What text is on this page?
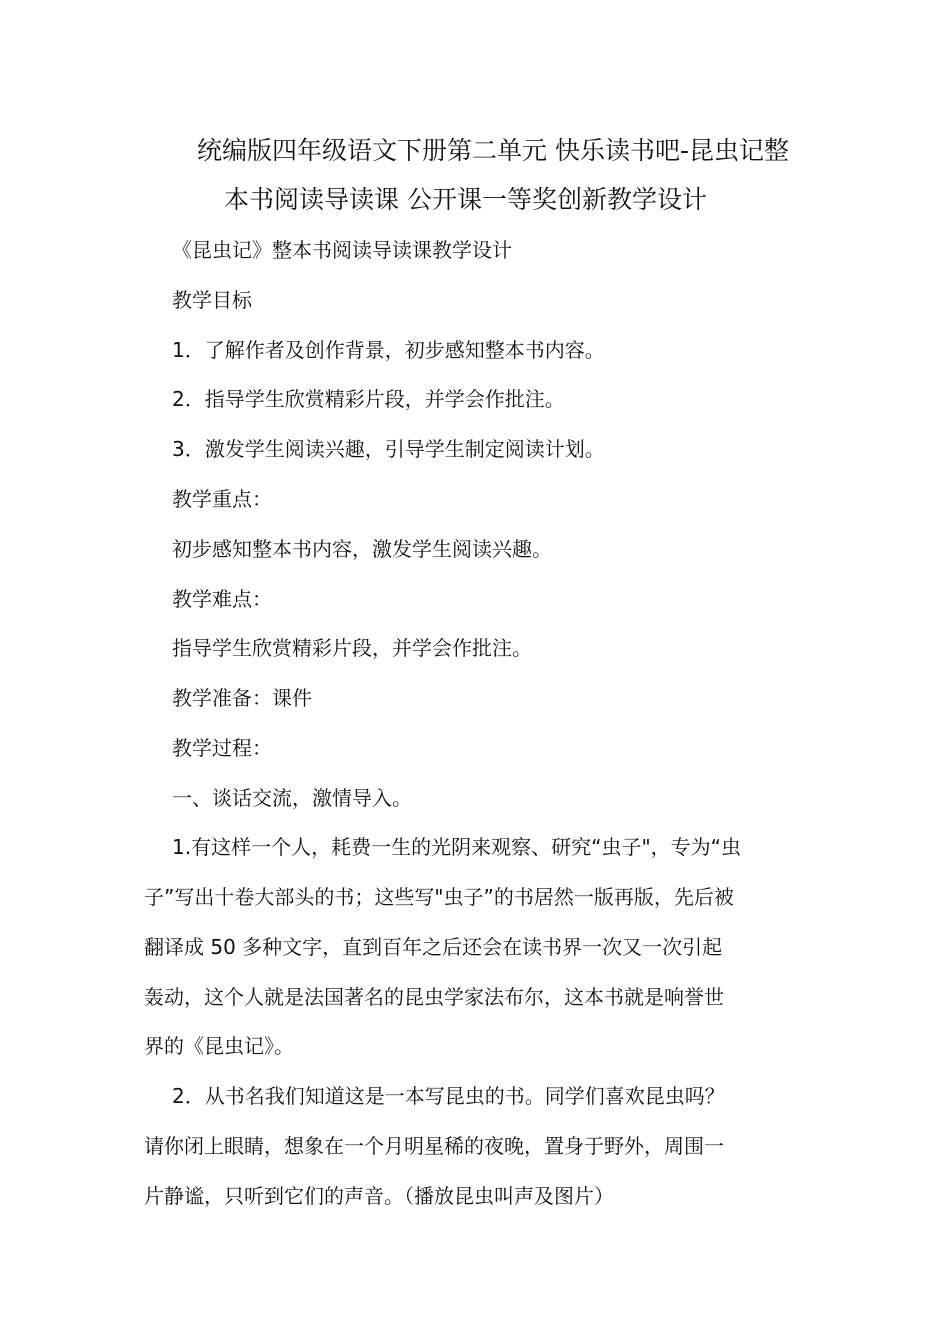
统编版四年级语文下册第二单元 快乐读书吧-昆虫记整
本书阅读导读课 公开课一等奖创新教学设计
《昆虫记》整本书阅读导读课教学设计
教学目标
1．了解作者及创作背景，初步感知整本书内容。
2．指导学生欣赏精彩片段，并学会作批注。
3．激发学生阅读兴趣，引导学生制定阅读计划。
教学重点：
初步感知整本书内容，激发学生阅读兴趣。
教学难点：
指导学生欣赏精彩片段，并学会作批注。
教学准备：课件
教学过程：
一、谈话交流，激情导入。
1.有这样一个人，耗费一生的光阴来观察、研究“虫子"，专为“虫
子”写出十卷大部头的书；这些写"虫子”的书居然一版再版，先后被
翻译成 50 多种文字，直到百年之后还会在读书界一次又一次引起
轰动，这个人就是法国著名的昆虫学家法布尔，这本书就是响誉世
界的《昆虫记》。
2．从书名我们知道这是一本写昆虫的书。同学们喜欢昆虫吗？
请你闭上眼睛，想象在一个月明星稀的夜晚，置身于野外，周围一
片静谧，只听到它们的声音。（播放昆虫叫声及图片）
